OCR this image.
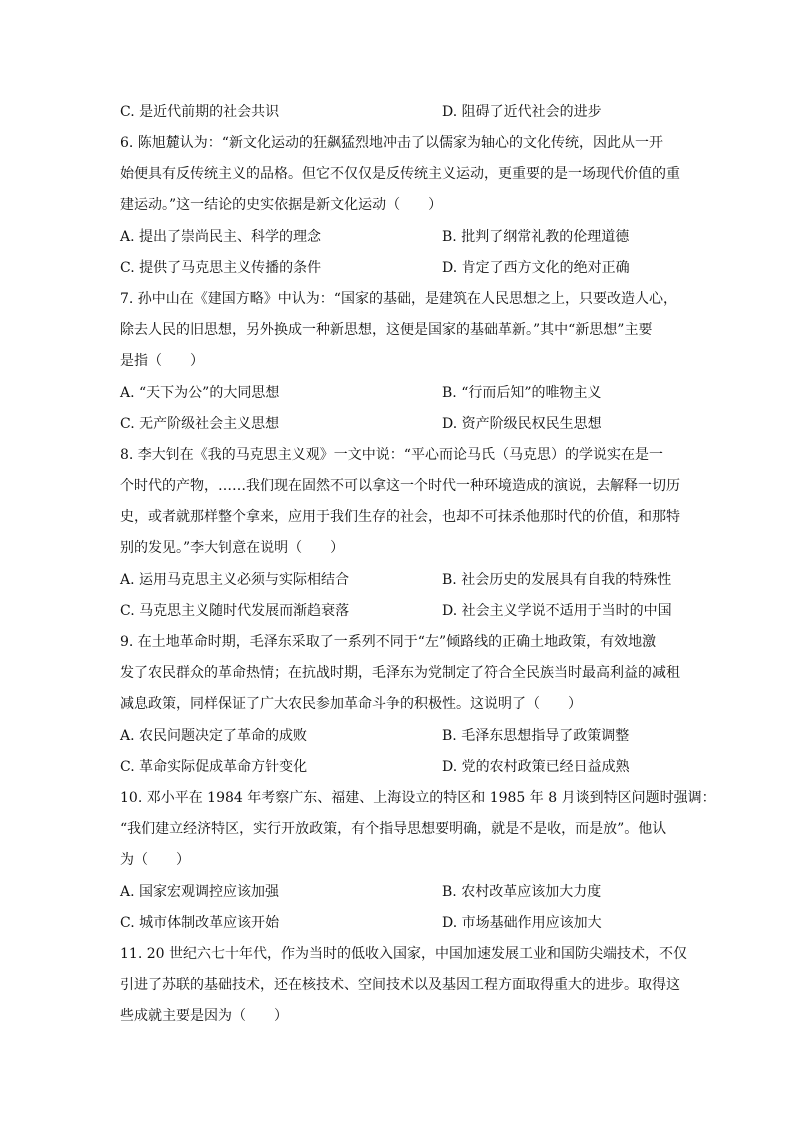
C. 是近代前期的社会共识	D. 阻碍了近代社会的进步
6. 陈旭麓认为：“新文化运动的狂飙猛烈地冲击了以儒家为轴心的文化传统，因此从一开
始便具有反传统主义的品格。但它不仅仅是反传统主义运动，更重要的是一场现代价值的重
建运动。”这一结论的史实依据是新文化运动（　　）
A. 提出了崇尚民主、科学的理念	B. 批判了纲常礼教的伦理道德
C. 提供了马克思主义传播的条件	D. 肯定了西方文化的绝对正确
7. 孙中山在《建国方略》中认为：“国家的基础，是建筑在人民思想之上，只要改造人心，
除去人民的旧思想，另外换成一种新思想，这便是国家的基础革新。”其中“新思想”主要
是指（　　）
A. “天下为公”的大同思想	B. “行而后知”的唯物主义
C. 无产阶级社会主义思想	D. 资产阶级民权民生思想
8. 李大钊在《我的马克思主义观》一文中说：“平心而论马氏（马克思）的学说实在是一
个时代的产物，……我们现在固然不可以拿这一个时代一种环境造成的演说，去解释一切历
史，或者就那样整个拿来，应用于我们生存的社会，也却不可抹杀他那时代的价值，和那特
别的发见。”李大钊意在说明（　　）
A. 运用马克思主义必须与实际相结合	B. 社会历史的发展具有自我的特殊性
C. 马克思主义随时代发展而渐趋衰落	D. 社会主义学说不适用于当时的中国
9. 在土地革命时期，毛泽东采取了一系列不同于“左”倾路线的正确土地政策，有效地激
发了农民群众的革命热情；在抗战时期，毛泽东为党制定了符合全民族当时最高利益的减租
减息政策，同样保证了广大农民参加革命斗争的积极性。这说明了（　　）
A. 农民问题决定了革命的成败	B. 毛泽东思想指导了政策调整
C. 革命实际促成革命方针变化	D. 党的农村政策已经日益成熟
10. 邓小平在 1984 年考察广东、福建、上海设立的特区和 1985 年 8 月谈到特区问题时强调：
“我们建立经济特区，实行开放政策，有个指导思想要明确，就是不是收，而是放”。他认
为（　　）
A. 国家宏观调控应该加强	B. 农村改革应该加大力度
C. 城市体制改革应该开始	D. 市场基础作用应该加大
11. 20 世纪六七十年代，作为当时的低收入国家，中国加速发展工业和国防尖端技术，不仅
引进了苏联的基础技术，还在核技术、空间技术以及基因工程方面取得重大的进步。取得这
些成就主要是因为（　　）
